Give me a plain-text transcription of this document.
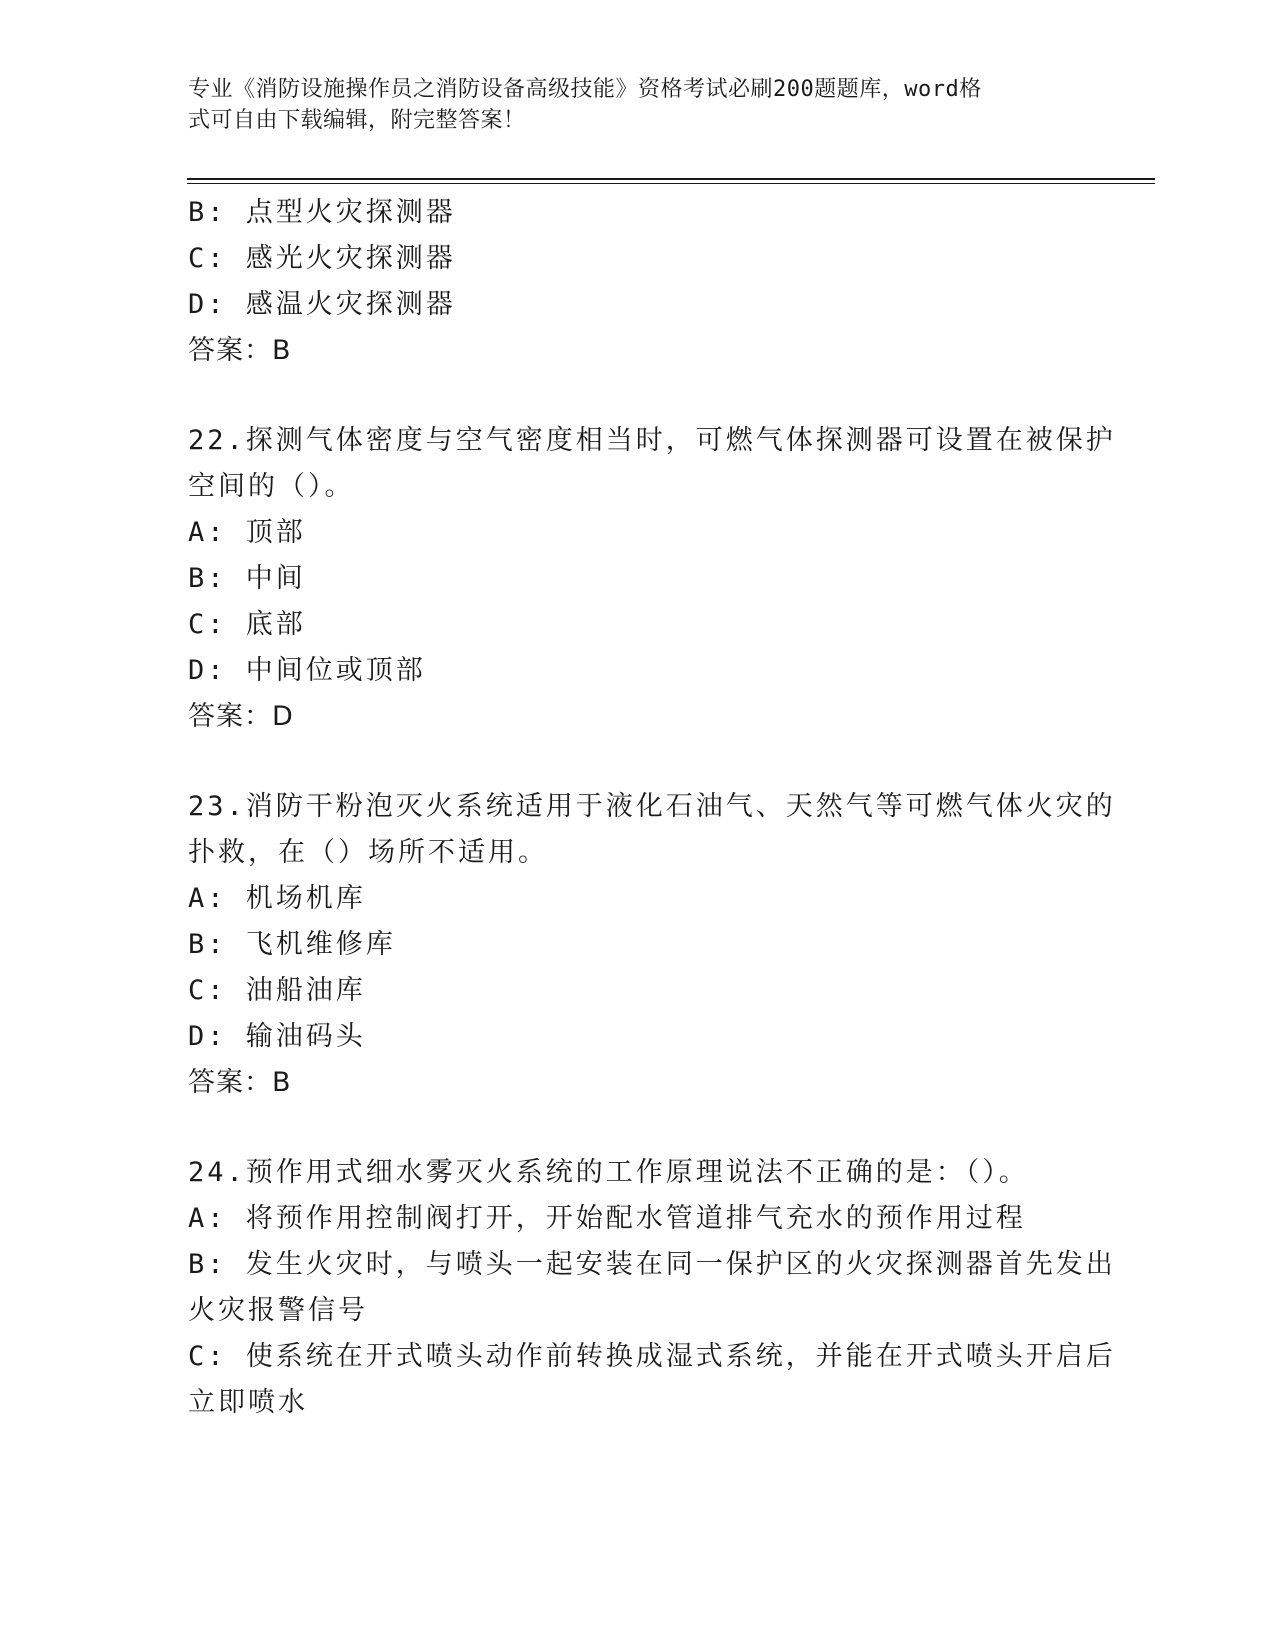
专业《消防设施操作员之消防设备高级技能》资格考试必刷200题题库，word格
式可自由下载编辑，附完整答案！
B: 点型火灾探测器
C: 感光火灾探测器
D: 感温火灾探测器
答案：B
22.探测气体密度与空气密度相当时，可燃气体探测器可设置在被保护
空间的（）。
A: 顶部
B: 中间
C: 底部
D: 中间位或顶部
答案：D
23.消防干粉泡灭火系统适用于液化石油气、天然气等可燃气体火灾的
扑救，在（）场所不适用。
A: 机场机库
B: 飞机维修库
C: 油船油库
D: 输油码头
答案：B
24.预作用式细水雾灭火系统的工作原理说法不正确的是：（）。
A: 将预作用控制阀打开，开始配水管道排气充水的预作用过程
B: 发生火灾时，与喷头一起安装在同一保护区的火灾探测器首先发出
火灾报警信号
C: 使系统在开式喷头动作前转换成湿式系统，并能在开式喷头开启后
立即喷水
